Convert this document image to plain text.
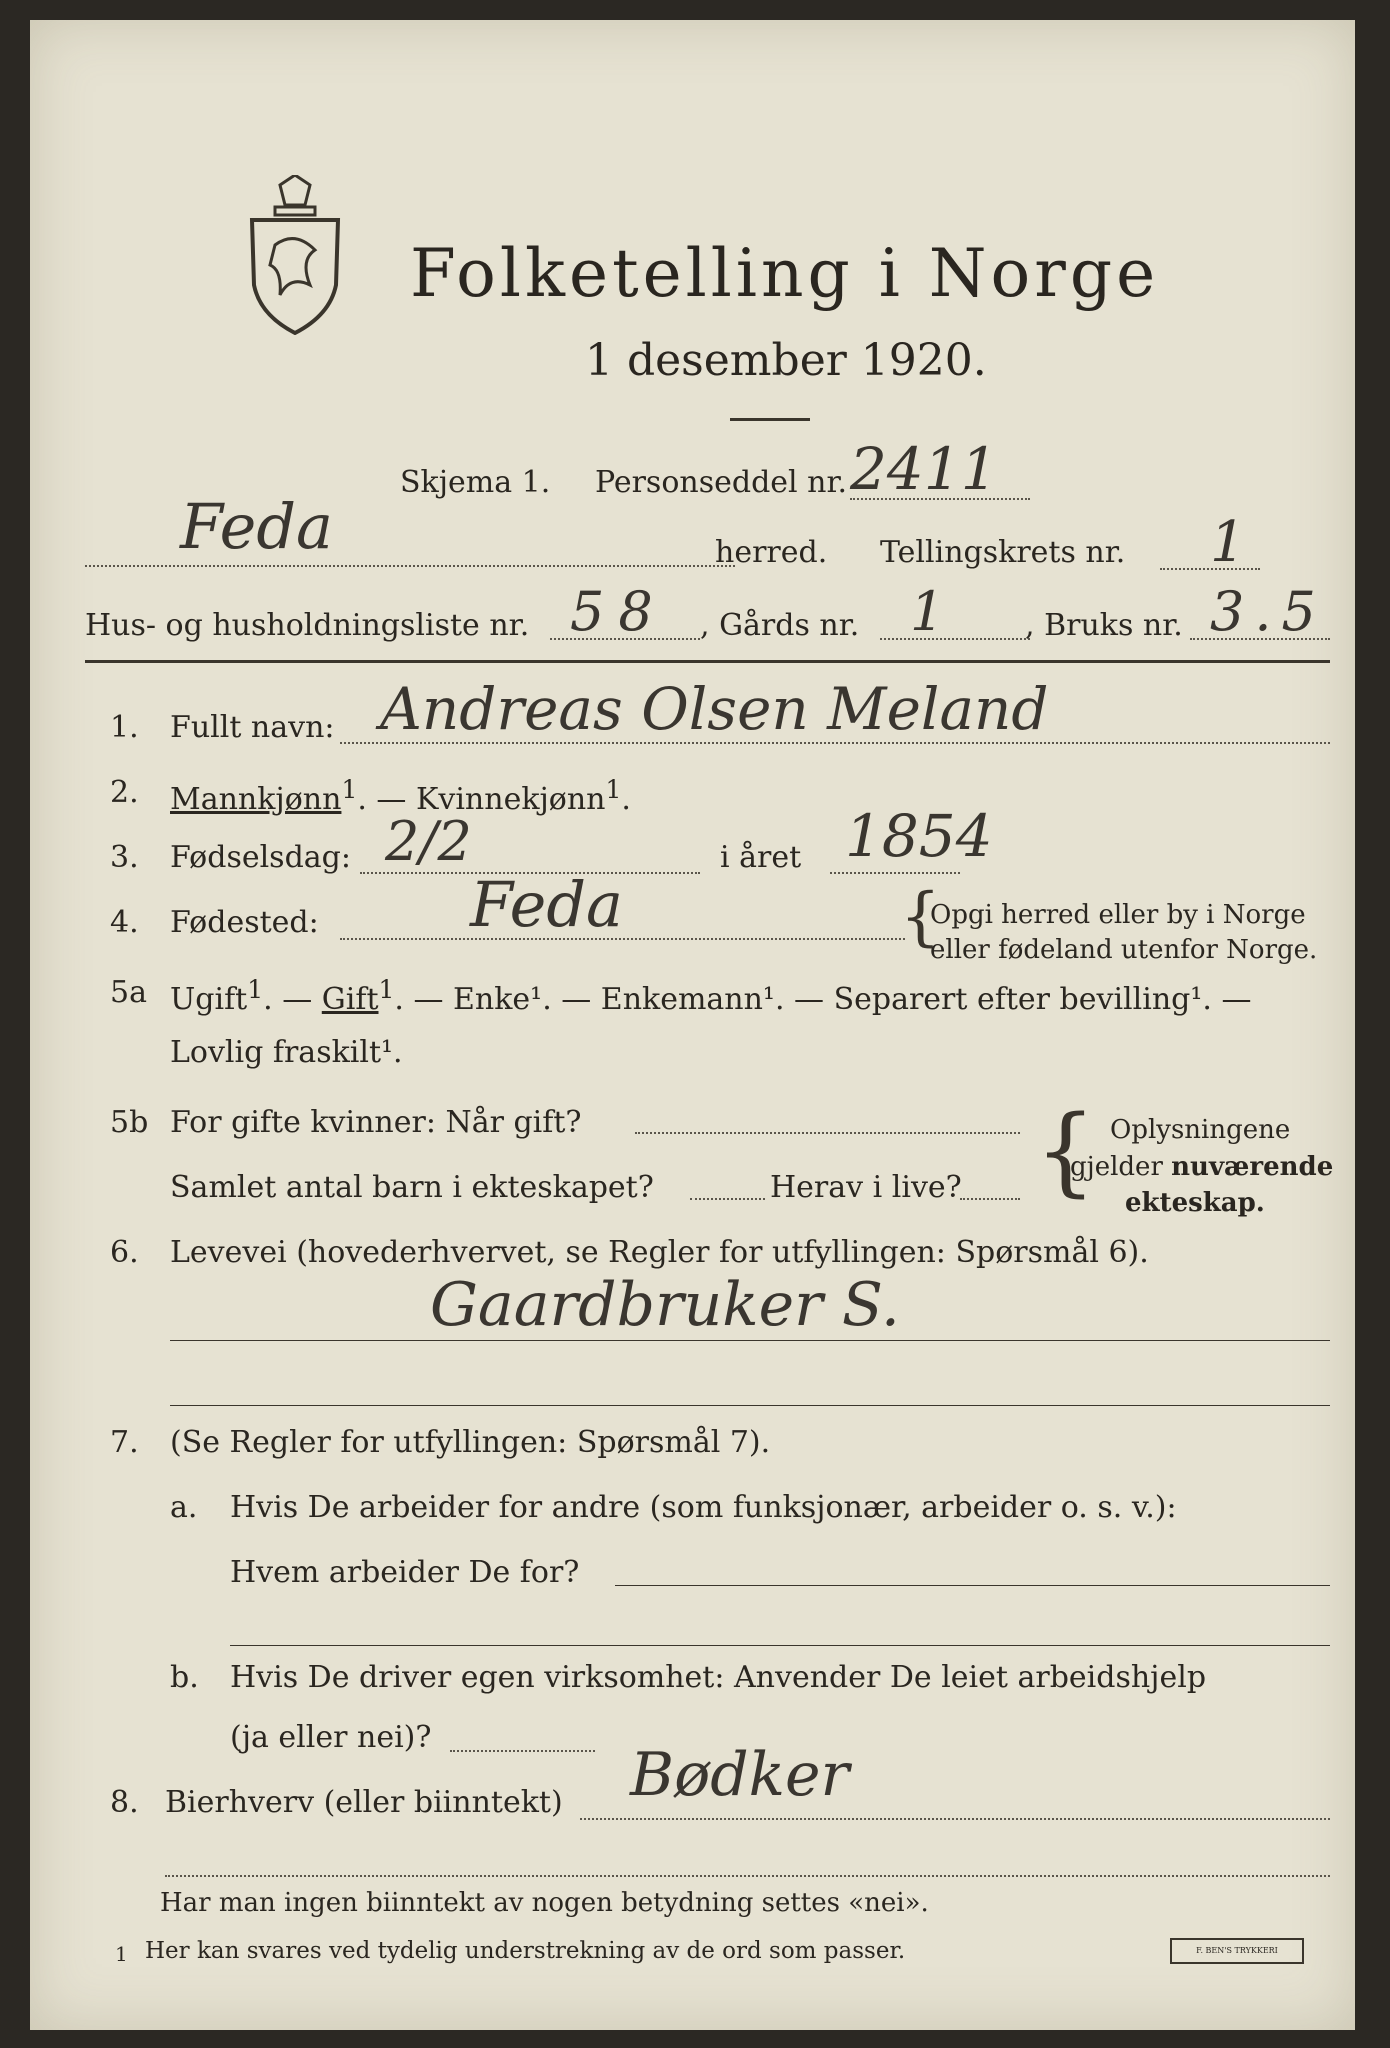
Folketelling i Norge
1 desember 1920.
Skjema 1. Personseddel nr. 2411
Feda	herred. Tellingskrets nr. 1
Hus- og husholdningsliste nr. 58 , Gårds nr. 1	, Bruks nr. 3.5
1. Fullt navn: Andreas Olsen Meland
2. Mannkjønn$^1$. — Kvinnekjønn$^1$.
3. Fødselsdag: 2/2	i året 1854
4. Fødested: Feda	{
Opgi herred eller by i Norge
eller fødeland utenfor Norge.
5a Ugift$^1$. — Gift$^1$. — Enke¹. — Enkemann¹. — Separert efter bevilling¹. —
Lovlig fraskilt¹.
5b For gifte kvinner: Når gift?
Samlet antal barn i ekteskapet?	Herav i live? { Oplysningene
gjelder nuværende
ekteskap.
6. Levevei (hovederhvervet, se Regler for utfyllingen: Spørsmål 6).
Gaardbruker S.
7. (Se Regler for utfyllingen: Spørsmål 7).
a. Hvis De arbeider for andre (som funksjonær, arbeider o. s. v.):
Hvem arbeider De for?
b. Hvis De driver egen virksomhet: Anvender De leiet arbeidshjelp
(ja eller nei)?
8. Bierhverv (eller biinntekt) Bødker
Har man ingen biinntekt av nogen betydning settes «nei».
1 Her kan svares ved tydelig understrekning av de ord som passer.	F. BEN'S TRYKKERI
